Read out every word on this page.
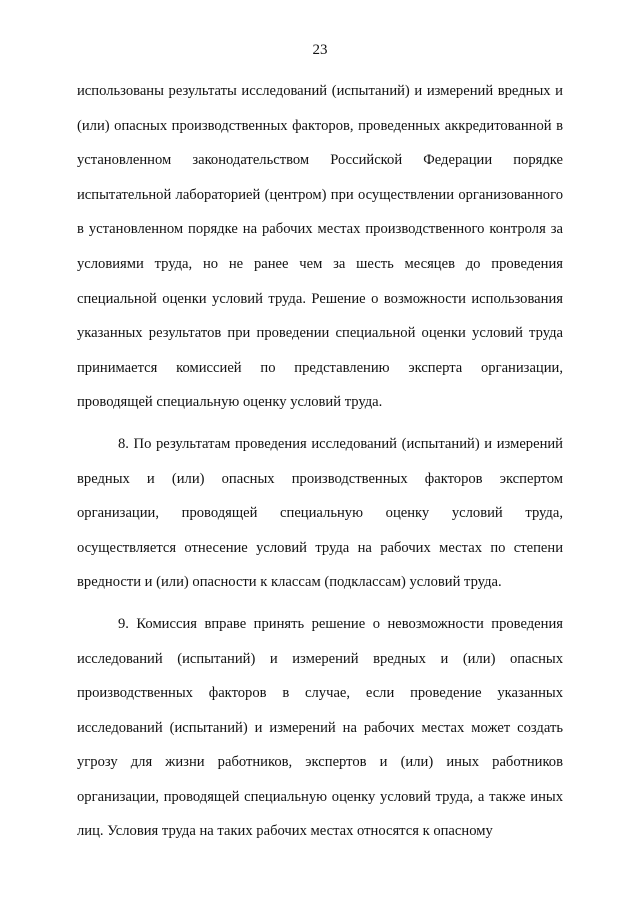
23

использованы результаты исследований (испытаний) и измерений вредных и (или) опасных производственных факторов, проведенных аккредитованной в установленном законодательством Российской Федерации порядке испытательной лабораторией (центром) при осуществлении организованного в установленном порядке на рабочих местах производственного контроля за условиями труда, но не ранее чем за шесть месяцев до проведения специальной оценки условий труда. Решение о возможности использования указанных результатов при проведении специальной оценки условий труда принимается комиссией по представлению эксперта организации, проводящей специальную оценку условий труда.

8. По результатам проведения исследований (испытаний) и измерений вредных и (или) опасных производственных факторов экспертом организации, проводящей специальную оценку условий труда, осуществляется отнесение условий труда на рабочих местах по степени вредности и (или) опасности к классам (подклассам) условий труда.

9. Комиссия вправе принять решение о невозможности проведения исследований (испытаний) и измерений вредных и (или) опасных производственных факторов в случае, если проведение указанных исследований (испытаний) и измерений на рабочих местах может создать угрозу для жизни работников, экспертов и (или) иных работников организации, проводящей специальную оценку условий труда, а также иных лиц. Условия труда на таких рабочих местах относятся к опасному
